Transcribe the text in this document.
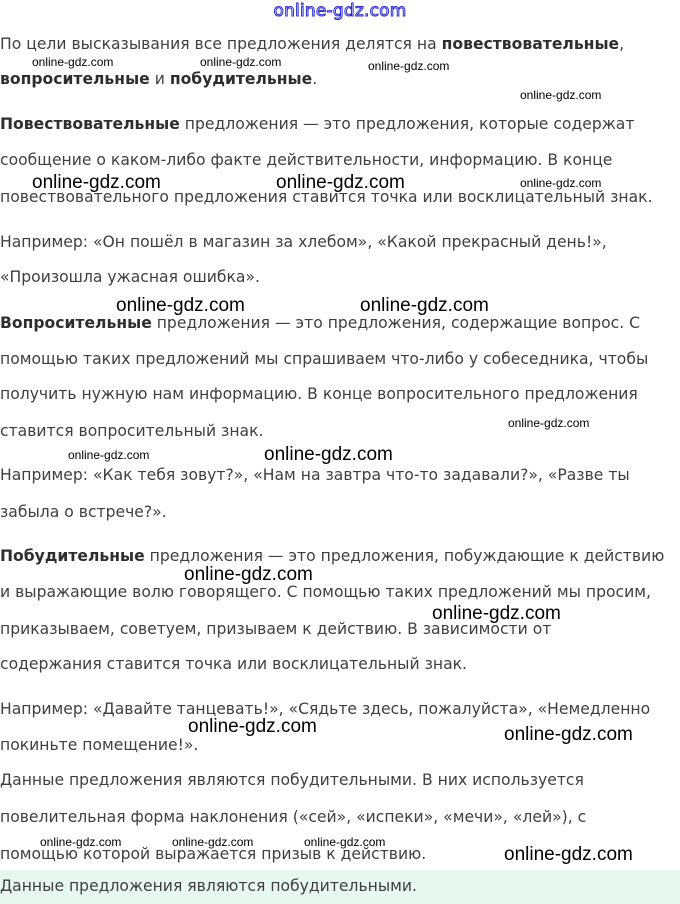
online-gdz.com
По цели высказывания все предложения делятся на повествовательные,
вопросительные и побудительные.
Повествовательные предложения — это предложения, которые содержат
сообщение о каком-либо факте действительности, информацию. В конце
повествовательного предложения ставится точка или восклицательный знак.
Например: «Он пошёл в магазин за хлебом», «Какой прекрасный день!»,
«Произошла ужасная ошибка».
Вопросительные предложения — это предложения, содержащие вопрос. С
помощью таких предложений мы спрашиваем что-либо у собеседника, чтобы
получить нужную нам информацию. В конце вопросительного предложения
ставится вопросительный знак.
Например: «Как тебя зовут?», «Нам на завтра что-то задавали?», «Разве ты
забыла о встрече?».
Побудительные предложения — это предложения, побуждающие к действию
и выражающие волю говорящего. С помощью таких предложений мы просим,
приказываем, советуем, призываем к действию. В зависимости от
содержания ставится точка или восклицательный знак.
Например: «Давайте танцевать!», «Сядьте здесь, пожалуйста», «Немедленно
покиньте помещение!».
Данные предложения являются побудительными. В них используется
повелительная форма наклонения («сей», «испеки», «мечи», «лей»), с
помощью которой выражается призыв к действию.
Данные предложения являются побудительными.
online-gdz.com	online-gdz.com	online-gdz.com
online-gdz.com
online-gdz.com	online-gdz.com	online-gdz.com
online-gdz.com	online-gdz.com
online-gdz.com
online-gdz.com
online-gdz.com
online-gdz.com
online-gdz.com
online-gdz.com	online-gdz.com
online-gdz.com	online-gdz.com	online-gdz.com
online-gdz.com
